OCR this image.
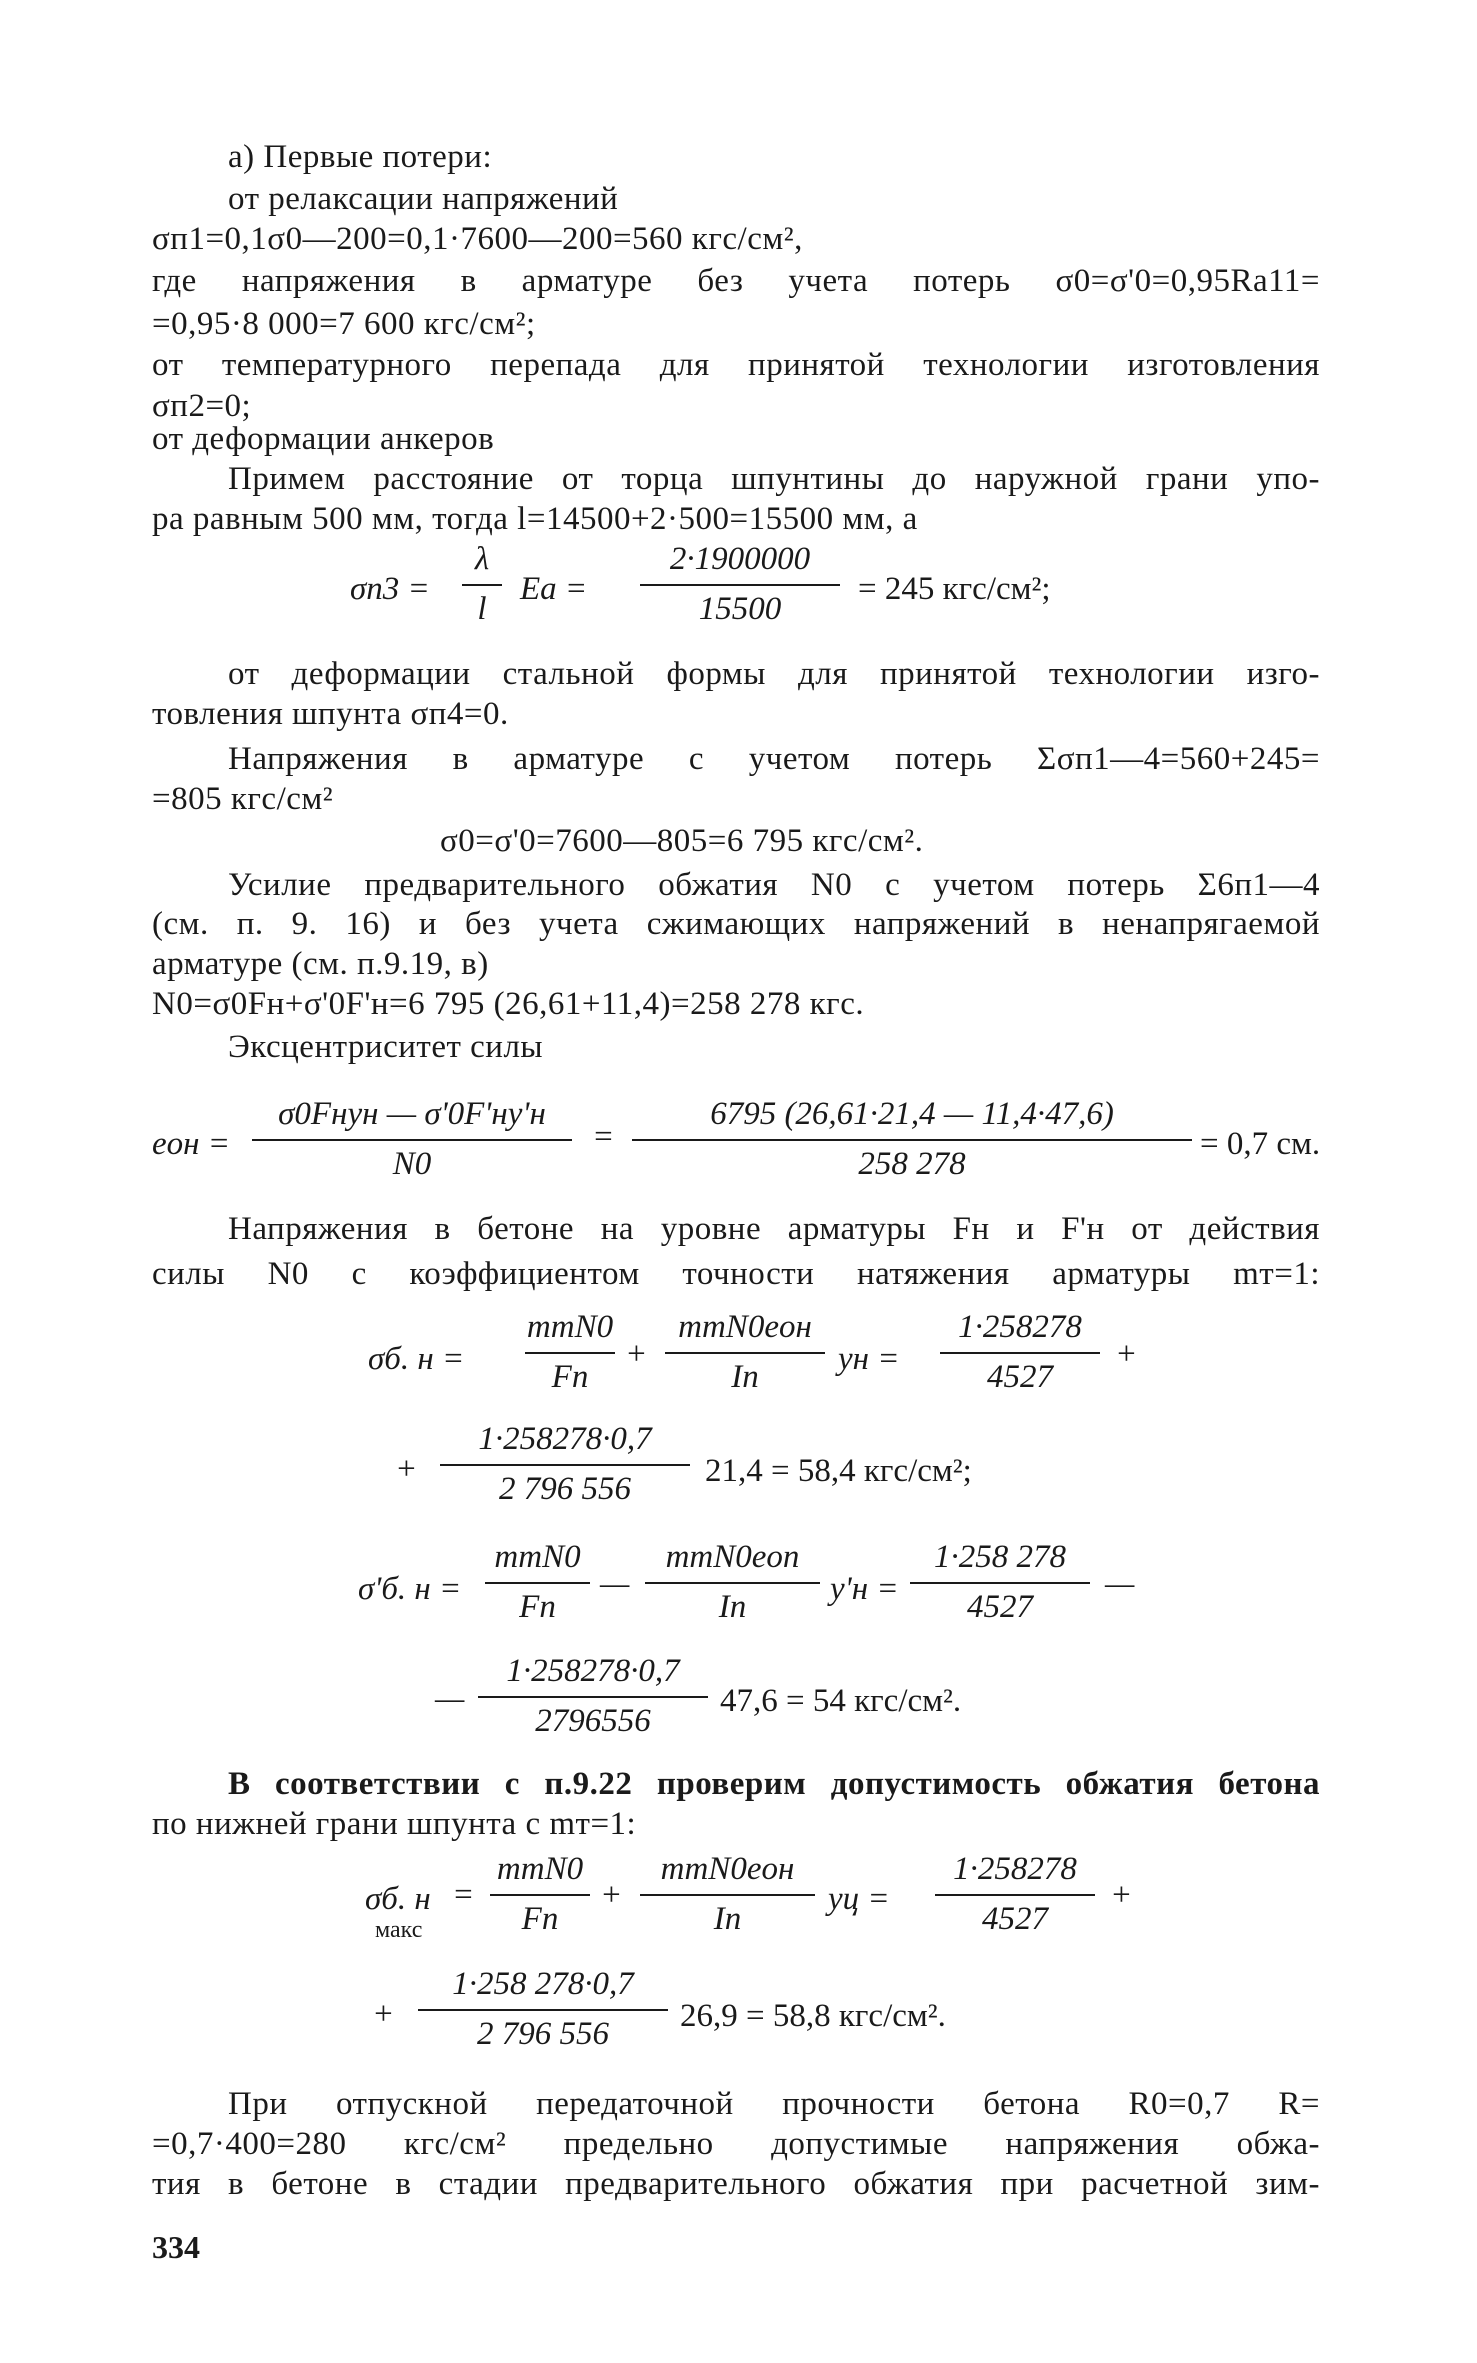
а) Первые потери:
от релаксации напряжений
σп1=0,1σ0—200=0,1·7600—200=560 кгс/см²,
где напряжения в арматуре без учета потерь σ0=σ'0=0,95Rа11=
=0,95·8 000=7 600 кгс/см²;
от температурного перепада для принятой технологии изготовления
σп2=0;
от деформации анкеров
Примем расстояние от торца шпунтины до наружной грани упо-
ра равным 500 мм, тогда l=14500+2·500=15500 мм, а
σп3 =
λ
l
Eа =
2·1900000
15500
= 245 кгс/см²;
от деформации стальной формы для принятой технологии изго-
товления шпунта σп4=0.
Напряжения в арматуре с учетом потерь Σσп1—4=560+245=
=805 кгс/см²
σ0=σ'0=7600—805=6 795 кгс/см².
Усилие предварительного обжатия N0 с учетом потерь Σ6п1—4
(см. п. 9. 16) и без учета сжимающих напряжений в ненапрягаемой
арматуре (см. п.9.19, в)
N0=σ0Fн+σ'0F'н=6 795 (26,61+11,4)=258 278 кгс.
Эксцентриситет силы
eон =
σ0Fнyн — σ'0F'нy'н
N0
=
6795 (26,61·21,4 — 11,4·47,6)
258 278
= 0,7 см.
Напряжения в бетоне на уровне арматуры Fн и F'н от действия
силы N0 с коэффициентом точности натяжения арматуры mт=1:
σб. н =
mтN0
Fп
+
mтN0eон
Iп yн =
1·258278
4527
+
+
1·258278·0,7
2 796 556 21,4 = 58,4 кгс/см²;
σ'б. н =
mтN0
Fп
—
mтN0eоп
Iп	y'н =
1·258 278
4527
—
—
1·258278·0,7
2796556
47,6 = 54 кгс/см².
В соответствии с п.9.22 проверим допустимость обжатия бетона
по нижней грани шпунта с mт=1:
σб. н
макс
=
mтN0
Fп
+
mтN0eон
Iп
yц =
1·258278
4527
+
+
1·258 278·0,7
2 796 556 26,9 = 58,8 кгс/см².
При отпускной передаточной прочности бетона R0=0,7 R=
=0,7·400=280 кгс/см² предельно допустимые напряжения обжа-
тия в бетоне в стадии предварительного обжатия при расчетной зим-
334
